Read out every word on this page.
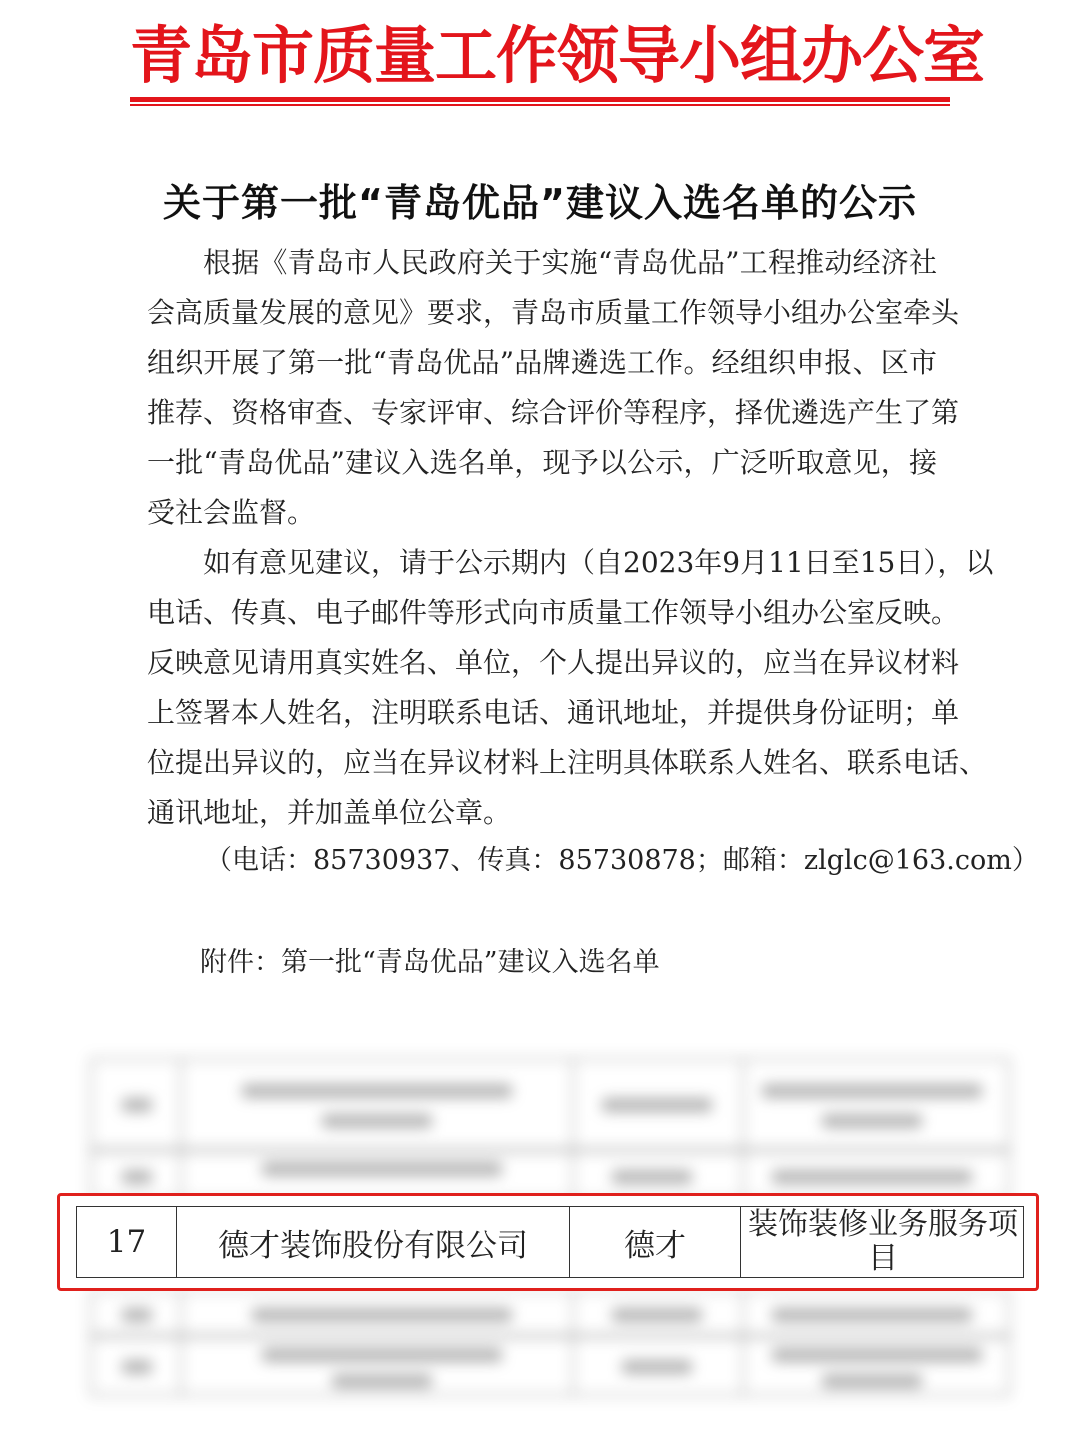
青岛市质量工作领导小组办公室
关于第一批“青岛优品”建议入选名单的公示
根据《青岛市人民政府关于实施“青岛优品”工程推动经济社
会高质量发展的意见》要求，青岛市质量工作领导小组办公室牵头
组织开展了第一批“青岛优品”品牌遴选工作。经组织申报、区市
推荐、资格审查、专家评审、综合评价等程序，择优遴选产生了第
一批“青岛优品”建议入选名单，现予以公示，广泛听取意见，接
受社会监督。
如有意见建议，请于公示期内（自2023年9月11日至15日），以
电话、传真、电子邮件等形式向市质量工作领导小组办公室反映。
反映意见请用真实姓名、单位，个人提出异议的，应当在异议材料
上签署本人姓名，注明联系电话、通讯地址，并提供身份证明；单
位提出异议的，应当在异议材料上注明具体联系人姓名、联系电话、
通讯地址，并加盖单位公章。
（电话：85730937、传真：85730878；邮箱：zlglc@163.com）
附件：第一批“青岛优品”建议入选名单
17	德才装饰股份有限公司	德才
装饰装修业务服务项目
